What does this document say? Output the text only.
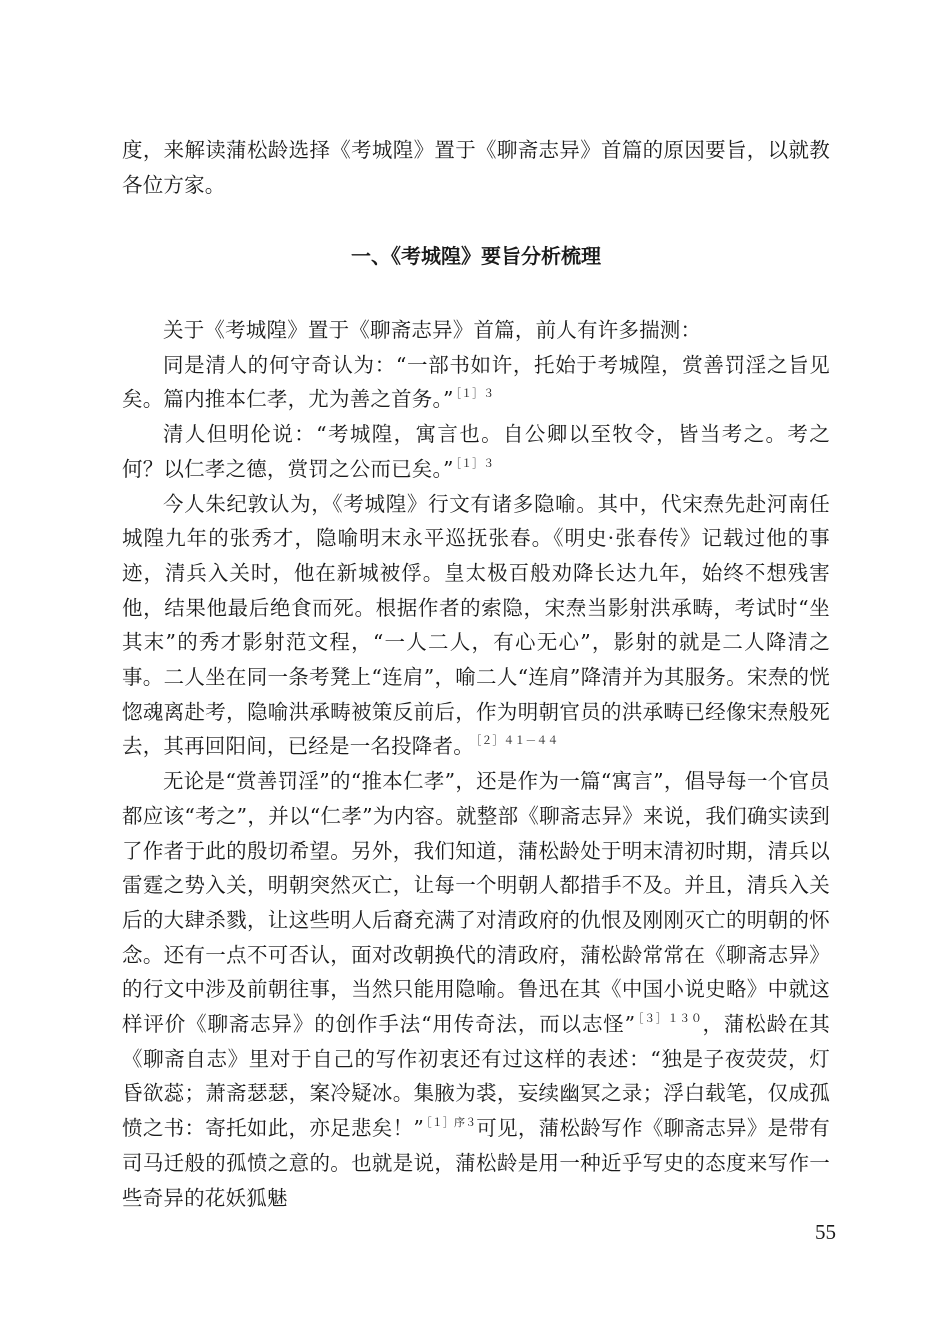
度，来解读蒲松龄选择《考城隍》置于《聊斋志异》首篇的原因要旨，以就教各位方家。

一、《考城隍》要旨分析梳理

关于《考城隍》置于《聊斋志异》首篇，前人有许多揣测：

同是清人的何守奇认为：“一部书如许，托始于考城隍，赏善罚淫之旨见矣。篇内推本仁孝，尤为善之首务。” $^{[1]3}$

清人但明伦说：“考城隍，寓言也。自公卿以至牧令，皆当考之。考之何？以仁孝之德，赏罚之公而已矣。” $^{[1]3}$

今人朱纪敦认为，《考城隍》行文有诸多隐喻。其中，代宋焘先赴河南任城隍九年的张秀才，隐喻明末永平巡抚张春。《明史·张春传》记载过他的事迹，清兵入关时，他在新城被俘。皇太极百般劝降长达九年，始终不想残害他，结果他最后绝食而死。根据作者的索隐，宋焘当影射洪承畴，考试时“坐其末”的秀才影射范文程，“一人二人，有心无心”，影射的就是二人降清之事。二人坐在同一条考凳上“连肩”，喻二人“连肩”降清并为其服务。宋焘的恍惚魂离赴考，隐喻洪承畴被策反前后，作为明朝官员的洪承畴已经像宋焘般死去，其再回阳间，已经是一名投降者。 $^{[2]41-44}$

无论是“赏善罚淫”的“推本仁孝”，还是作为一篇“寓言”，倡导每一个官员都应该“考之”，并以“仁孝”为内容。就整部《聊斋志异》来说，我们确实读到了作者于此的殷切希望。另外，我们知道，蒲松龄处于明末清初时期，清兵以雷霆之势入关，明朝突然灭亡，让每一个明朝人都措手不及。并且，清兵入关后的大肆杀戮，让这些明人后裔充满了对清政府的仇恨及刚刚灭亡的明朝的怀念。还有一点不可否认，面对改朝换代的清政府，蒲松龄常常在《聊斋志异》的行文中涉及前朝往事，当然只能用隐喻。鲁迅在其《中国小说史略》中就这样评价《聊斋志异》的创作手法“用传奇法，而以志怪” $^{[3]130}$，蒲松龄在其《聊斋自志》里对于自己的写作初衷还有过这样的表述：“独是子夜荧荧，灯昏欲蕊；萧斋瑟瑟，案冷疑冰。集腋为裘，妄续幽冥之录；浮白载笔，仅成孤愤之书：寄托如此，亦足悲矣！” $^{[1]序3}$可见，蒲松龄写作《聊斋志异》是带有司马迁般的孤愤之意的。也就是说，蒲松龄是用一种近乎写史的态度来写作一些奇异的花妖狐魅

55
